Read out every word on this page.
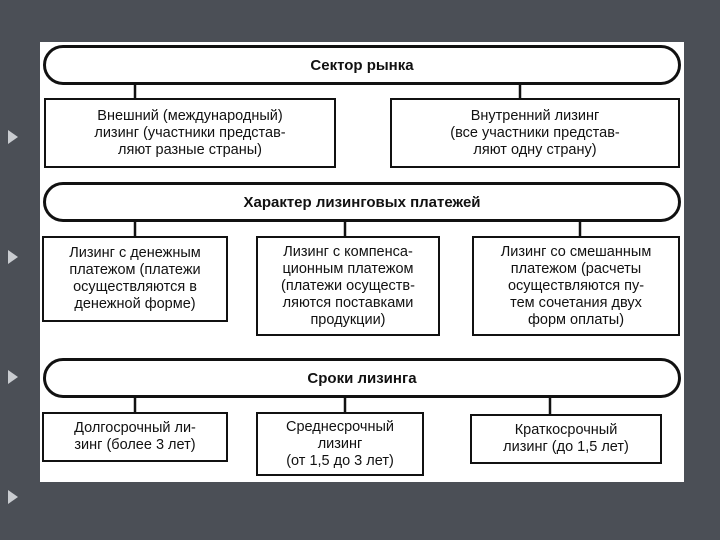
Сектор рынка
Внешний (международный)
лизинг (участники представ-
ляют разные страны)
Внутренний лизинг
(все участники представ-
ляют одну страну)
Характер лизинговых платежей
Лизинг с денежным
платежом (платежи
осуществляются в
денежной форме)
Лизинг с компенса-
ционным платежом
(платежи осуществ-
ляются поставками
продукции)
Лизинг со смешанным
платежом (расчеты
осуществляются пу-
тем сочетания двух
форм оплаты)
Сроки лизинга
Долгосрочный ли-
зинг (более 3 лет)
Среднесрочный
лизинг
(от 1,5 до 3 лет)
Краткосрочный
лизинг (до 1,5 лет)
